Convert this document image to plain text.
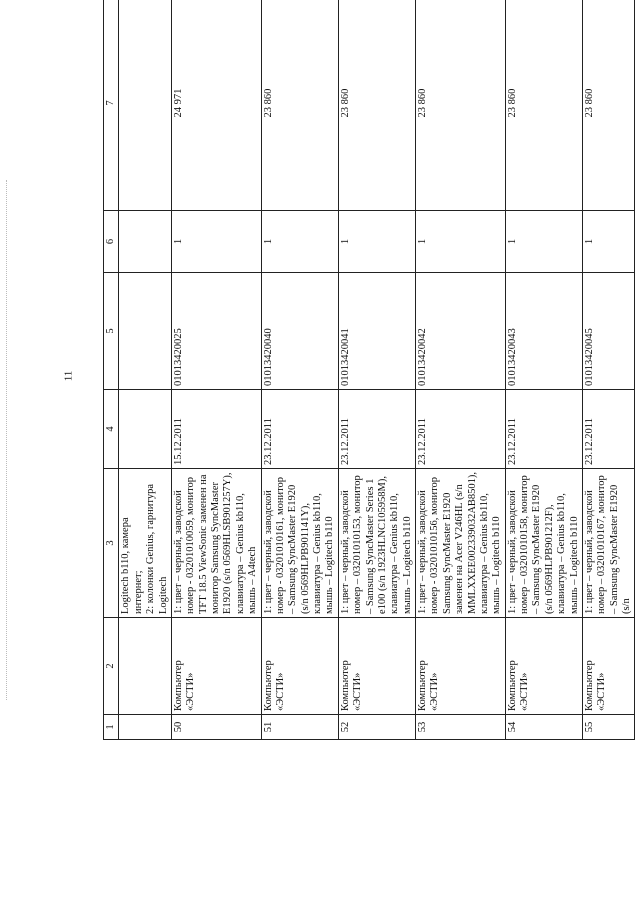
11
1	2	3	4	5	6	7
		Logitech b110, камера интернет;
2: колонки Genius, гарнитура Logitech				
50	Компьютер «ЭСТИ»	1: цвет – черный, заводской номер - 03201010059, монитор TFT 18.5 ViewSonic заменен на монитор Samsung SyncMaster E1920 (s/n 0569HLSB901257Y), клавиатура – Genius kb110, мышь – A4tech	15.12.2011	01013420025	1	24 971
51	Компьютер «ЭСТИ»	1: цвет – черный, заводской номер - 03201010161, монитор – Samsung SyncMaster E1920 (s/n 0569HLPB901141Y), клавиатура – Genius kb110, мышь – Logitech b110	23.12.2011	01013420040	1	23 860
52	Компьютер «ЭСТИ»	1: цвет – черный, заводской номер – 03201010153, монитор – Samsung SyncMaster Series 1 e100 (s/n 1923HLNC105958M), клавиатура – Genius kb110, мышь – Logitech b110	23.12.2011	01013420041	1	23 860
53	Компьютер «ЭСТИ»	1: цвет – черный, заводской номер - 03201010156, монитор Samsung SyncMaster E1920 заменен на Acer V246HL (s/n MMLXXEE002339032AB8501), клавиатура – Genius kb110, мышь – Logitech b110	23.12.2011	01013420042	1	23 860
54	Компьютер «ЭСТИ»	1: цвет – черный, заводской номер – 03201010158, монитор – Samsung SyncMaster E1920 (s/n 0569HLPB901212F), клавиатура – Genius kb110, мышь – Logitech b110	23.12.2011	01013420043	1	23 860
55	Компьютер «ЭСТИ»	1: цвет – черный, заводской номер – 03201010167, монитор – Samsung SyncMaster E1920 (s/n	23.12.2011	01013420045	1	23 860
